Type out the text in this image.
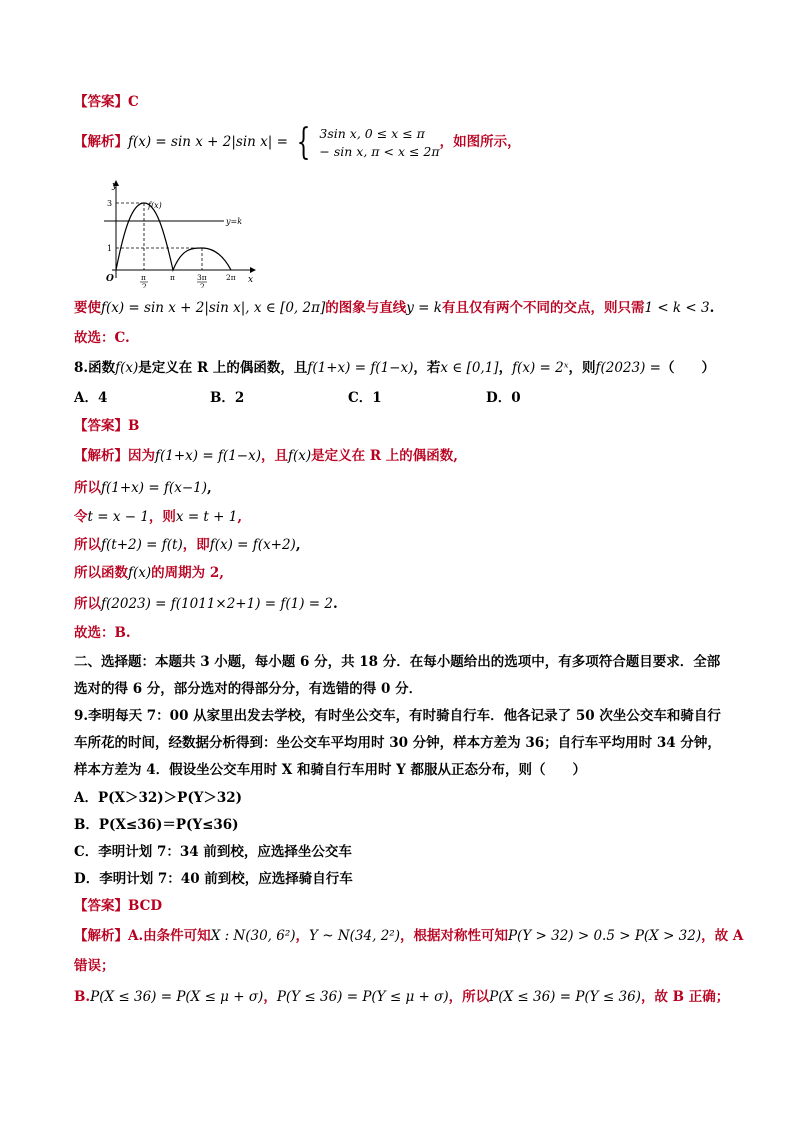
【答案】C
【解析】f(x) = sin x + 2|sin x| = { 3sin x, 0 ≤ x ≤ π
− sin x, π < x ≤ 2π
，如图所示，
y
x
O
f(x)
y=k
3
1
π
2
π	3π
2
2π
要使f(x) = sin x + 2|sin x|, x ∈ [0, 2π]的图象与直线y = k有且仅有两个不同的交点，则只需1 < k < 3.
故选：C.
8.函数f(x)是定义在 R 上的偶函数，且f(1+x) = f(1−x)，若x ∈ [0,1]，f(x) = 2ˣ，则f(2023) =（　　）
A．4	B．2	C．1	D．0
【答案】B
【解析】因为f(1+x) = f(1−x)，且f(x)是定义在 R 上的偶函数,
所以f(1+x) = f(x−1),
令t = x − 1，则x = t + 1,
所以f(t+2) = f(t)，即f(x) = f(x+2),
所以函数f(x)的周期为 2,
所以f(2023) = f(1011×2+1) = f(1) = 2.
故选：B.
二、选择题：本题共 3 小题，每小题 6 分，共 18 分．在每小题给出的选项中，有多项符合题目要求．全部
选对的得 6 分，部分选对的得部分分，有选错的得 0 分．
9.李明每天 7：00 从家里出发去学校，有时坐公交车，有时骑自行车．他各记录了 50 次坐公交车和骑自行
车所花的时间，经数据分析得到：坐公交车平均用时 30 分钟，样本方差为 36；自行车平均用时 34 分钟，
样本方差为 4．假设坐公交车用时 X 和骑自行车用时 Y 都服从正态分布，则（　　）
A．P(X＞32)＞P(Y＞32)
B．P(X≤36)＝P(Y≤36)
C．李明计划 7：34 前到校，应选择坐公交车
D．李明计划 7：40 前到校，应选择骑自行车
【答案】BCD
【解析】A.由条件可知X : N(30, 6²)，Y ~ N(34, 2²)，根据对称性可知P(Y > 32) > 0.5 > P(X > 32)，故 A
错误；
B.P(X ≤ 36) = P(X ≤ μ + σ)，P(Y ≤ 36) = P(Y ≤ μ + σ)，所以P(X ≤ 36) = P(Y ≤ 36)，故 B 正确；
